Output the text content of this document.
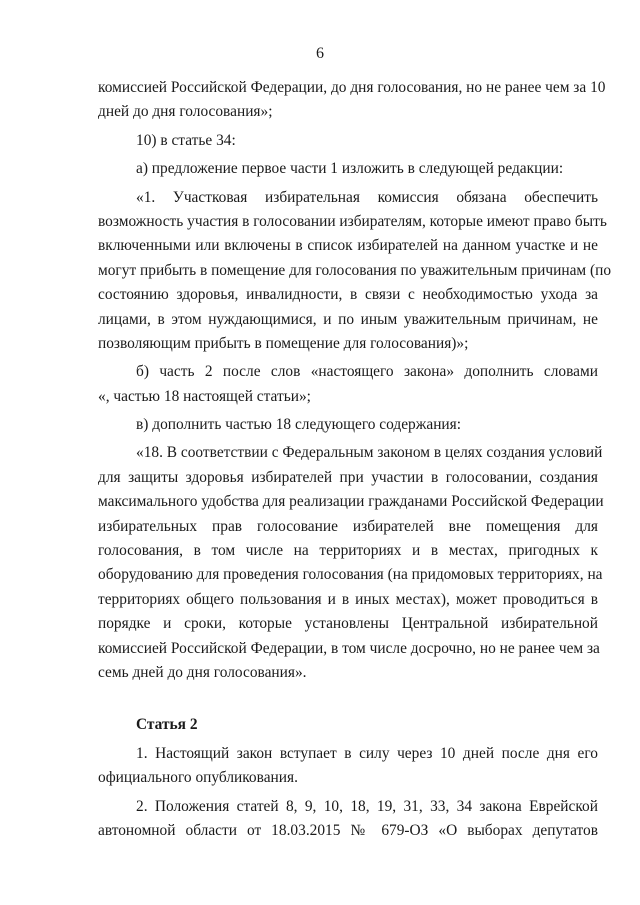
6
комиссией Российской Федерации, до дня голосования, но не ранее чем за 10
дней до дня голосования»;
10) в статье 34:
а) предложение первое части 1 изложить в следующей редакции:
«1. Участковая избирательная комиссия обязана обеспечить
возможность участия в голосовании избирателям, которые имеют право быть
включенными или включены в список избирателей на данном участке и не
могут прибыть в помещение для голосования по уважительным причинам (по
состоянию здоровья, инвалидности, в связи с необходимостью ухода за
лицами, в этом нуждающимися, и по иным уважительным причинам, не
позволяющим прибыть в помещение для голосования)»;
б) часть 2 после слов «настоящего закона» дополнить словами
«, частью 18 настоящей статьи»;
в) дополнить частью 18 следующего содержания:
«18. В соответствии с Федеральным законом в целях создания условий
для защиты здоровья избирателей при участии в голосовании, создания
максимального удобства для реализации гражданами Российской Федерации
избирательных прав голосование избирателей вне помещения для
голосования, в том числе на территориях и в местах, пригодных к
оборудованию для проведения голосования (на придомовых территориях, на
территориях общего пользования и в иных местах), может проводиться в
порядке и сроки, которые установлены Центральной избирательной
комиссией Российской Федерации, в том числе досрочно, но не ранее чем за
семь дней до дня голосования».
Статья 2
1. Настоящий закон вступает в силу через 10 дней после дня его
официального опубликования.
2. Положения статей 8, 9, 10, 18, 19, 31, 33, 34 закона Еврейской
автономной области от 18.03.2015 № 679-ОЗ «О выборах депутатов
